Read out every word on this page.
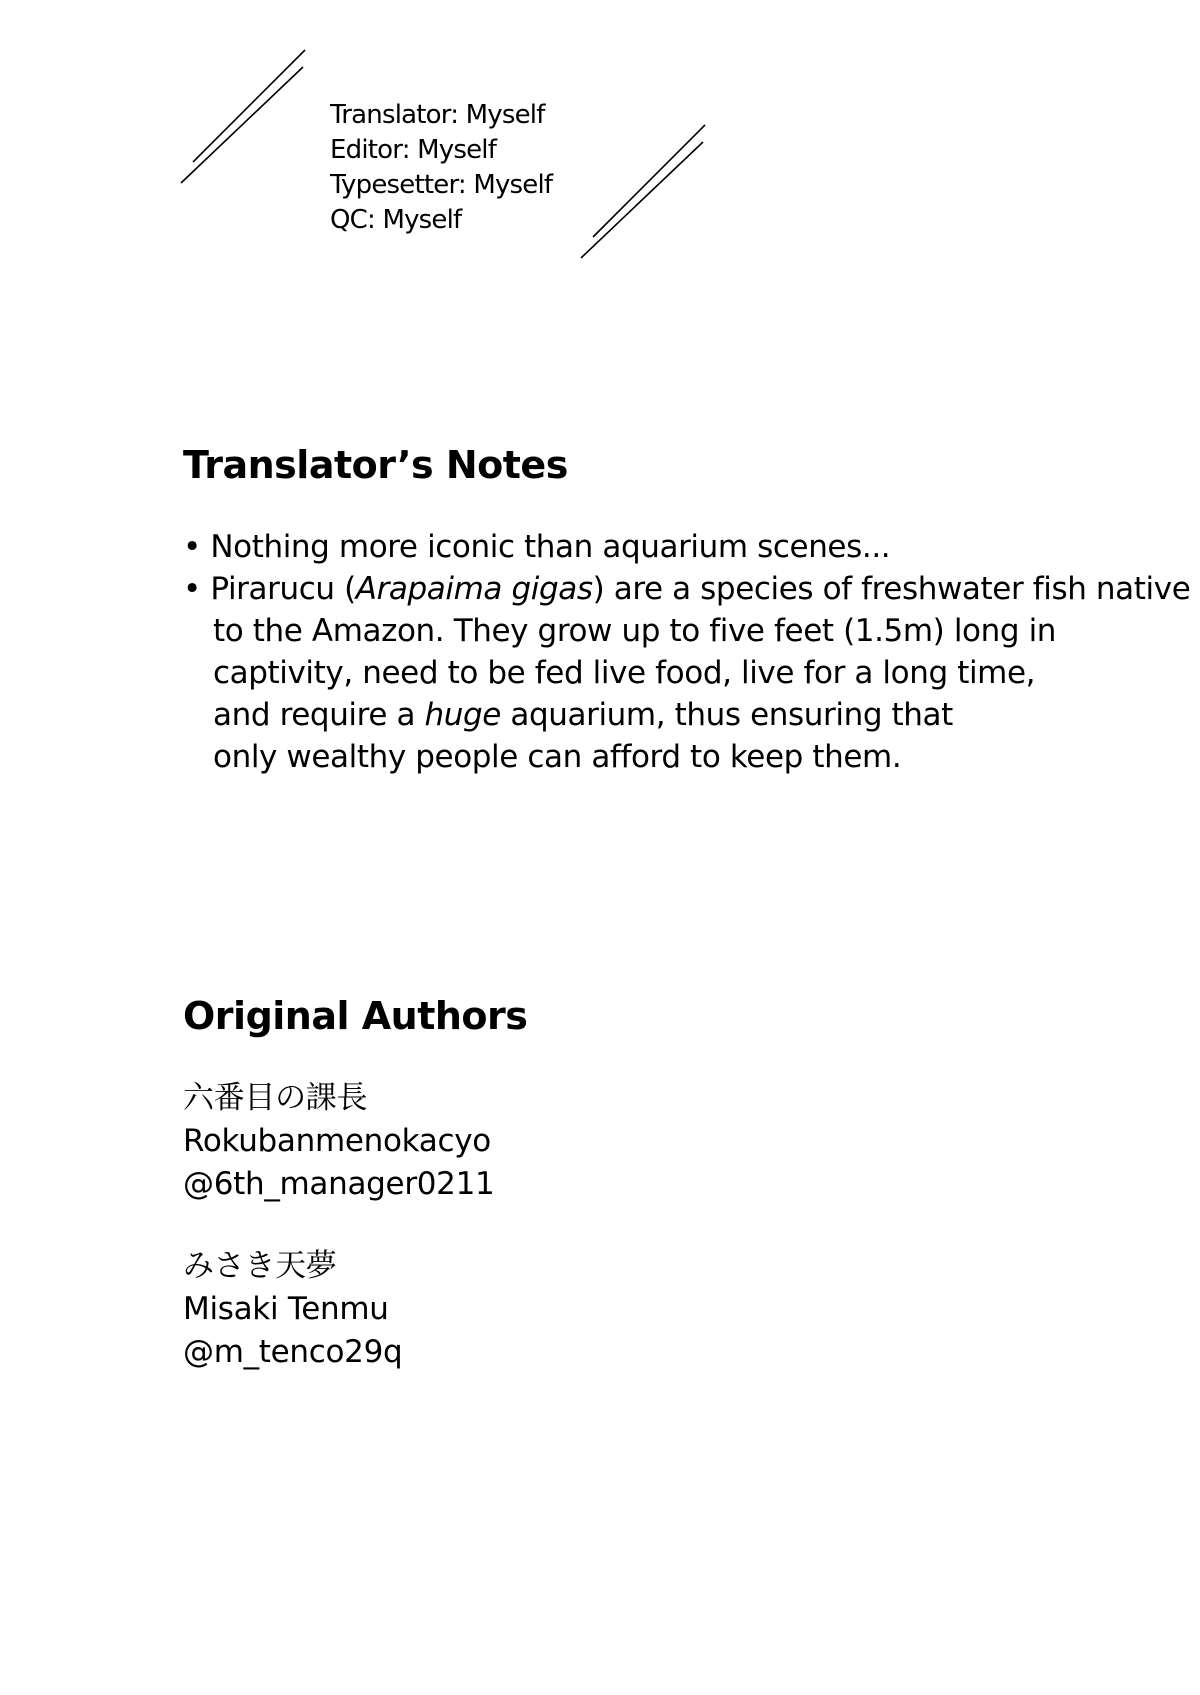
Translator: Myself
Editor: Myself
Typesetter: Myself
QC: Myself
Translator’s Notes
• Nothing more iconic than aquarium scenes...
• Pirarucu (Arapaima gigas) are a species of freshwater fish native
to the Amazon. They grow up to five feet (1.5m) long in
captivity, need to be fed live food, live for a long time,
and require a huge aquarium, thus ensuring that
only wealthy people can afford to keep them.
Original Authors
六番目の課長
Rokubanmenokacyo
@6th_manager0211
みさき天夢
Misaki Tenmu
@m_tenco29q
